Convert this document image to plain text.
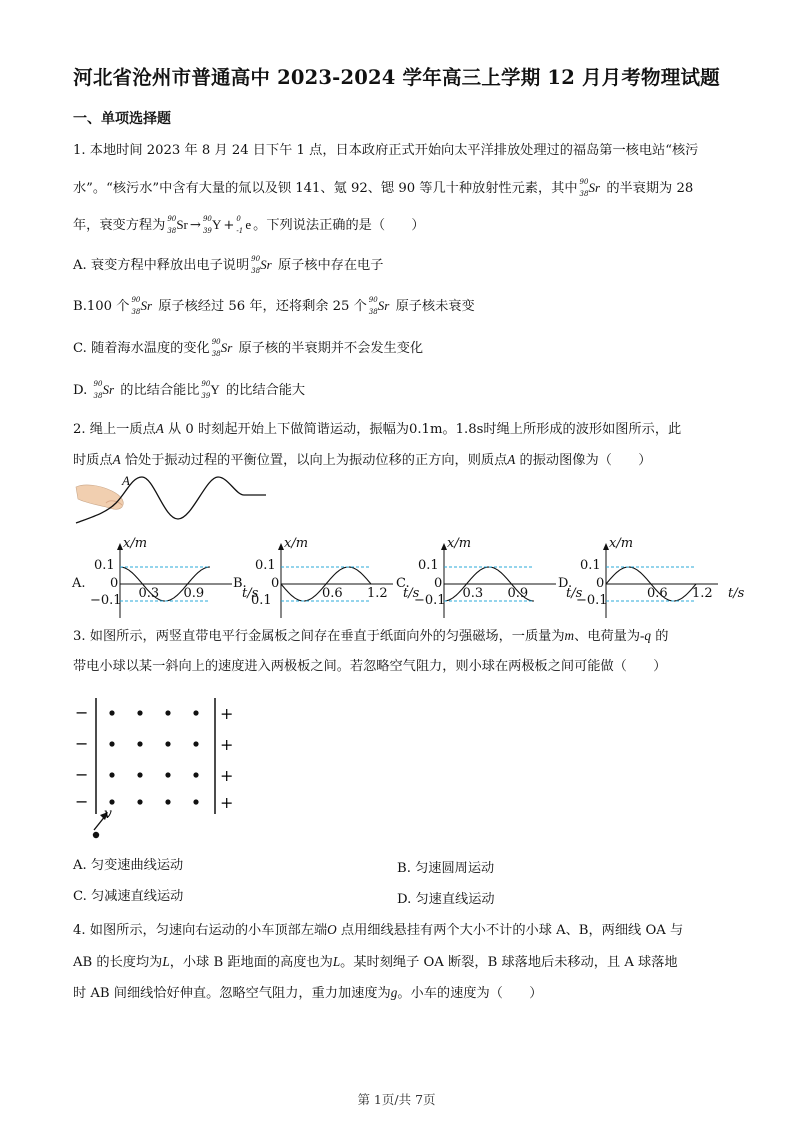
河北省沧州市普通高中 2023-2024 学年高三上学期 12 月月考物理试题
一、单项选择题
1. 本地时间 2023 年 8 月 24 日下午 1 点，日本政府正式开始向太平洋排放处理过的福岛第一核电站“核污
水”。“核污水”中含有大量的氚以及钡 141、氪 92、锶 90 等几十种放射性元素，其中 90
38 Sr 的半衰期为 28
年，衰变方程为 90
38 Sr → 90
39 Y + 0
-1 e 。下列说法正确的是（　　）
A. 衰变方程中释放出电子说明 90
38 Sr 原子核中存在电子
B.100 个 90
38 Sr 原子核经过 56 年，还将剩余 25 个 90
38 Sr 原子核未衰变
C. 随着海水温度的变化 90
38 Sr 原子核的半衰期并不会发生变化
D. 90
38 Sr 的比结合能比 90
39 Y 的比结合能大
2. 绳上一质点A 从 0 时刻起开始上下做简谐运动，振幅为0.1m。1.8s时绳上所形成的波形如图所示，此
时质点A 恰处于振动过程的平衡位置，以向上为振动位移的正方向，则质点A 的振动图像为（　　）
A
A.
x/m
0.1
0
−0.1 0.3 0.9	t/s
B.
x/m
0.1
0
0.1	0.6 1.2 t/s
C.
x/m
0.1
0
−0.1 0.3 0.9	t/s
D.
x/m
0.1
0
−0.1	0.6 1.2 t/s
3. 如图所示，两竖直带电平行金属板之间存在垂直于纸面向外的匀强磁场，一质量为m、电荷量为-q 的
带电小球以某一斜向上的速度进入两极板之间。若忽略空气阻力，则小球在两极板之间可能做（　　）
−	+
−	+
−	+
−	+
v
A. 匀变速曲线运动	B. 匀速圆周运动
C. 匀减速直线运动	D. 匀速直线运动
4. 如图所示，匀速向右运动的小车顶部左端O 点用细线悬挂有两个大小不计的小球 A、B，两细线 OA 与
AB 的长度均为L，小球 B 距地面的高度也为L。某时刻绳子 OA 断裂，B 球落地后未移动，且 A 球落地
时 AB 间细线恰好伸直。忽略空气阻力，重力加速度为g。小车的速度为（　　）
第 1页/共 7页
